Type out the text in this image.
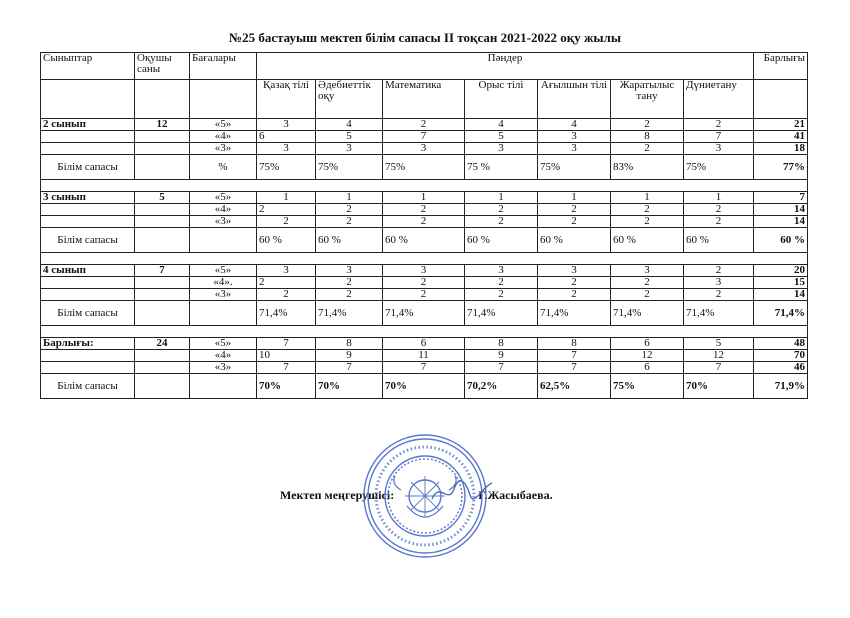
№25 бастауыш мектеп білім сапасы ІІ тоқсан 2021-2022 оқу жылы
Сыныптар	Оқушы саны	Бағалары	Пәндер							Барлығы
			Қазақ тілі	Әдебиеттік оқу	Математика	Орыс тілі	Ағылшын тілі	Жаратылыс тану	Дүниетану	
2 сынып	12	«5»	3	4	2	4	4	2	2	21
		«4»	6	5	7	5	3	8	7	41
		«3»	3	3	3	3	3	2	3	18
Білім сапасы		%	75%	75%	75%	75 %	75%	83%	75%	77%

3 сынып	5	«5»	1	1	1	1	1	1	1	7
		«4»	2	2	2	2	2	2	2	14
		«3»	2	2	2	2	2	2	2	14
Білім сапасы			60 %	60 %	60 %	60 %	60 %	60 %	60 %	60 %

4 сынып	7	«5»	3	3	3	3	3	3	2	20
		«4».	2	2	2	2	2	2	3	15
		«3»	2	2	2	2	2	2	2	14
Білім сапасы			71,4%	71,4%	71,4%	71,4%	71,4%	71,4%	71,4%	71,4%

Барлығы:	24	«5»	7	8	6	8	8	6	5	48
		«4»	10	9	11	9	7	12	12	70
		«3»	7	7	7	7	7	6	7	46
Білім сапасы			70%	70%	70%	70,2%	62,5%	75%	70%	71,9%
Мектеп меңгерушісі:	Г.Жасыбаева.
